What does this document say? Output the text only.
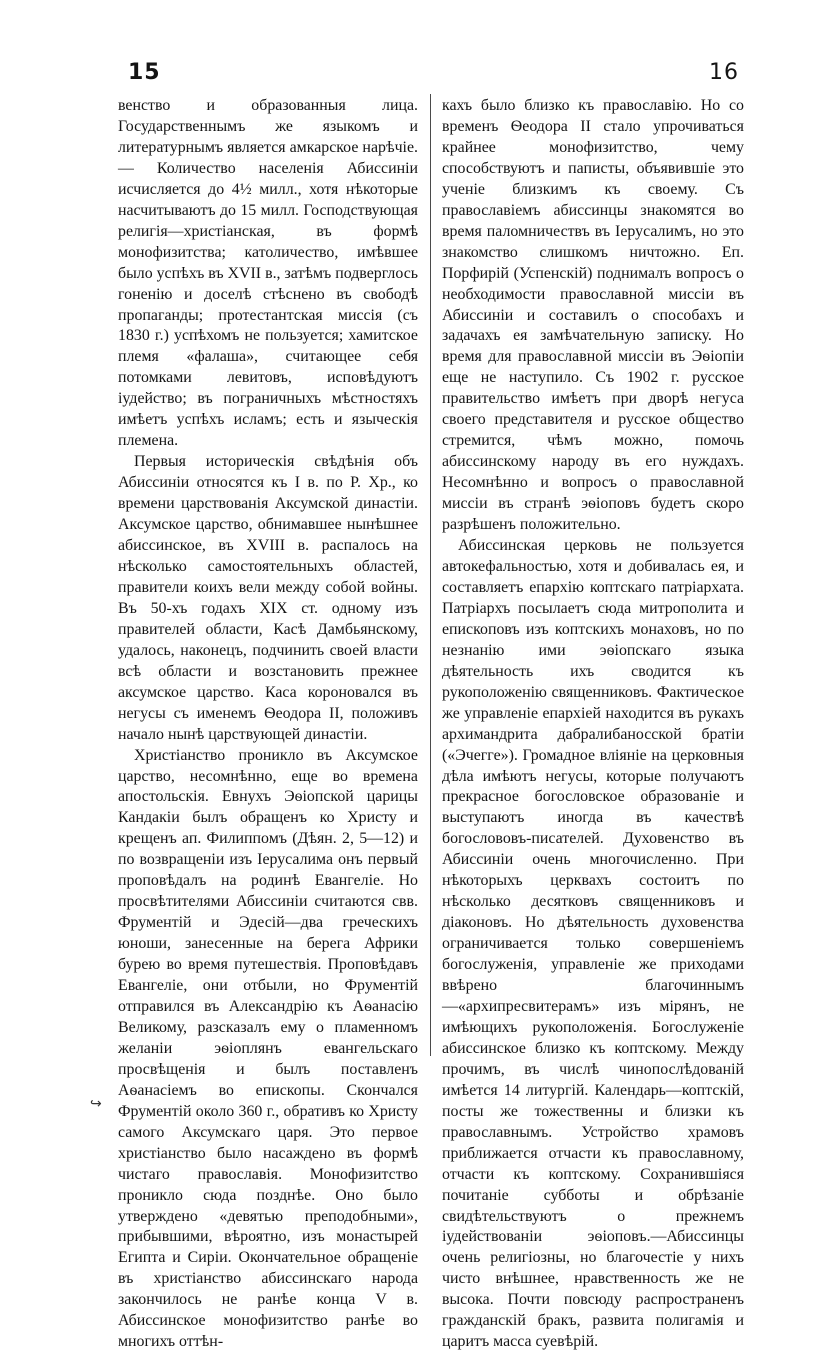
15	16

венство и образованныя лица. Государственнымъ же языкомъ и литературнымъ является амкарское нарѣчіе. — Количество населенія Абиссиніи исчисляется до 4½ милл., хотя нѣкоторые насчитываютъ до 15 милл. Господствующая религія—христіанская, въ формѣ монофизитства; католичество, имѣвшее было успѣхъ въ XVII в., затѣмъ подверглось гоненію и доселѣ стѣснено въ свободѣ пропаганды; протестантская миссія (съ 1830 г.) успѣхомъ не пользуется; хамитское племя «фалаша», считающее себя потомками левитовъ, исповѣдуютъ іудейство; въ пограничныхъ мѣстностяхъ имѣетъ успѣхъ исламъ; есть и языческія племена.

Первыя историческія свѣдѣнія объ Абиссиніи относятся къ I в. по Р. Хр., ко времени царствованія Аксумской династіи. Аксумское царство, обнимавшее нынѣшнее абиссинское, въ XVIII в. распалось на нѣсколько самостоятельныхъ областей, правители коихъ вели между собой войны. Въ 50-хъ годахъ XIX ст. одному изъ правителей области, Касѣ Дамбьянскому, удалось, наконецъ, подчинить своей власти всѣ области и возстановить прежнее аксумское царство. Каса короновался въ негусы съ именемъ Ѳеодора II, положивъ начало нынѣ царствующей династіи.

Христіанство проникло въ Аксумское царство, несомнѣнно, еще во времена апостольскія. Евнухъ Эѳіопской царицы Кандакіи былъ обращенъ ко Христу и крещенъ ап. Филиппомъ (Дѣян. 2, 5—12) и по возвращеніи изъ Іерусалима онъ первый проповѣдалъ на родинѣ Евангеліе. Но просвѣтителями Абиссиніи считаются свв. Фрументій и Эдесій—два греческихъ юноши, занесенные на берега Африки бурею во время путешествія. Проповѣдавъ Евангеліе, они отбыли, но Фрументій отправился въ Александрію къ Аѳанасію Великому, разсказалъ ему о пламенномъ желаніи эѳіоплянъ евангельскаго просвѣщенія и былъ поставленъ Аѳанасіемъ во епископы. Скончался Фрументій около 360 г., обративъ ко Христу самого Аксумскаго царя. Это первое христіанство было насаждено въ формѣ чистаго православія. Монофизитство проникло сюда позднѣе. Оно было утверждено «девятью преподобными», прибывшими, вѣроятно, изъ монастырей Египта и Сиріи. Окончательное обращеніе въ христіанство абиссинскаго народа закончилось не ранѣе конца V в. Абиссинское монофизитство ранѣе во многихъ оттѣн-

кахъ было близко къ православію. Но со временъ Ѳеодора II стало упрочиваться крайнее монофизитство, чему способствуютъ и паписты, объявившіе это ученіе близкимъ къ своему. Съ православіемъ абиссинцы знакомятся во время паломничествъ въ Іерусалимъ, но это знакомство слишкомъ ничтожно. Еп. Порфирій (Успенскій) поднималъ вопросъ о необходимости православной миссіи въ Абиссиніи и составилъ о способахъ и задачахъ ея замѣчательную записку. Но время для православной миссіи въ Эѳіопіи еще не наступило. Съ 1902 г. русское правительство имѣетъ при дворѣ негуса своего представителя и русское общество стремится, чѣмъ можно, помочь абиссинскому народу въ его нуждахъ. Несомнѣнно и вопросъ о православной миссіи въ странѣ эѳіоповъ будетъ скоро разрѣшенъ положительно.

Абиссинская церковь не пользуется автокефальностью, хотя и добивалась ея, и составляетъ епархію коптскаго патріархата. Патріархъ посылаетъ сюда митрополита и епископовъ изъ коптскихъ монаховъ, но по незнанію ими эѳіопскаго языка дѣятельность ихъ сводится къ рукоположенію священниковъ. Фактическое же управленіе епархіей находится въ рукахъ архимандрита дабралибаносской братіи («Эчегге»). Громадное вліяніе на церковныя дѣла имѣютъ негусы, которые получаютъ прекрасное богословское образованіе и выступаютъ иногда въ качествѣ богослововъ-писателей. Духовенство въ Абиссиніи очень многочисленно. При нѣкоторыхъ церквахъ состоитъ по нѣсколько десятковъ священниковъ и діаконовъ. Но дѣятельность духовенства ограничивается только совершеніемъ богослуженія, управленіе же приходами ввѣрено благочиннымъ—«архипресвитерамъ» изъ мірянъ, не имѣющихъ рукоположенія. Богослуженіе абиссинское близко къ коптскому. Между прочимъ, въ числѣ чинопослѣдованій имѣется 14 литургій. Календарь—коптскій, посты же тожественны и близки къ православнымъ. Устройство храмовъ приближается отчасти къ православному, отчасти къ коптскому. Сохранившіяся почитаніе субботы и обрѣзаніе свидѣтельствуютъ о прежнемъ іудействованіи эѳіоповъ.—Абиссинцы очень религіозны, но благочестіе у нихъ чисто внѣшнее, нравственность же не высока. Почти повсюду распространенъ гражданскій бракъ, развита полигамія и царитъ масса суевѣрій.

↪
